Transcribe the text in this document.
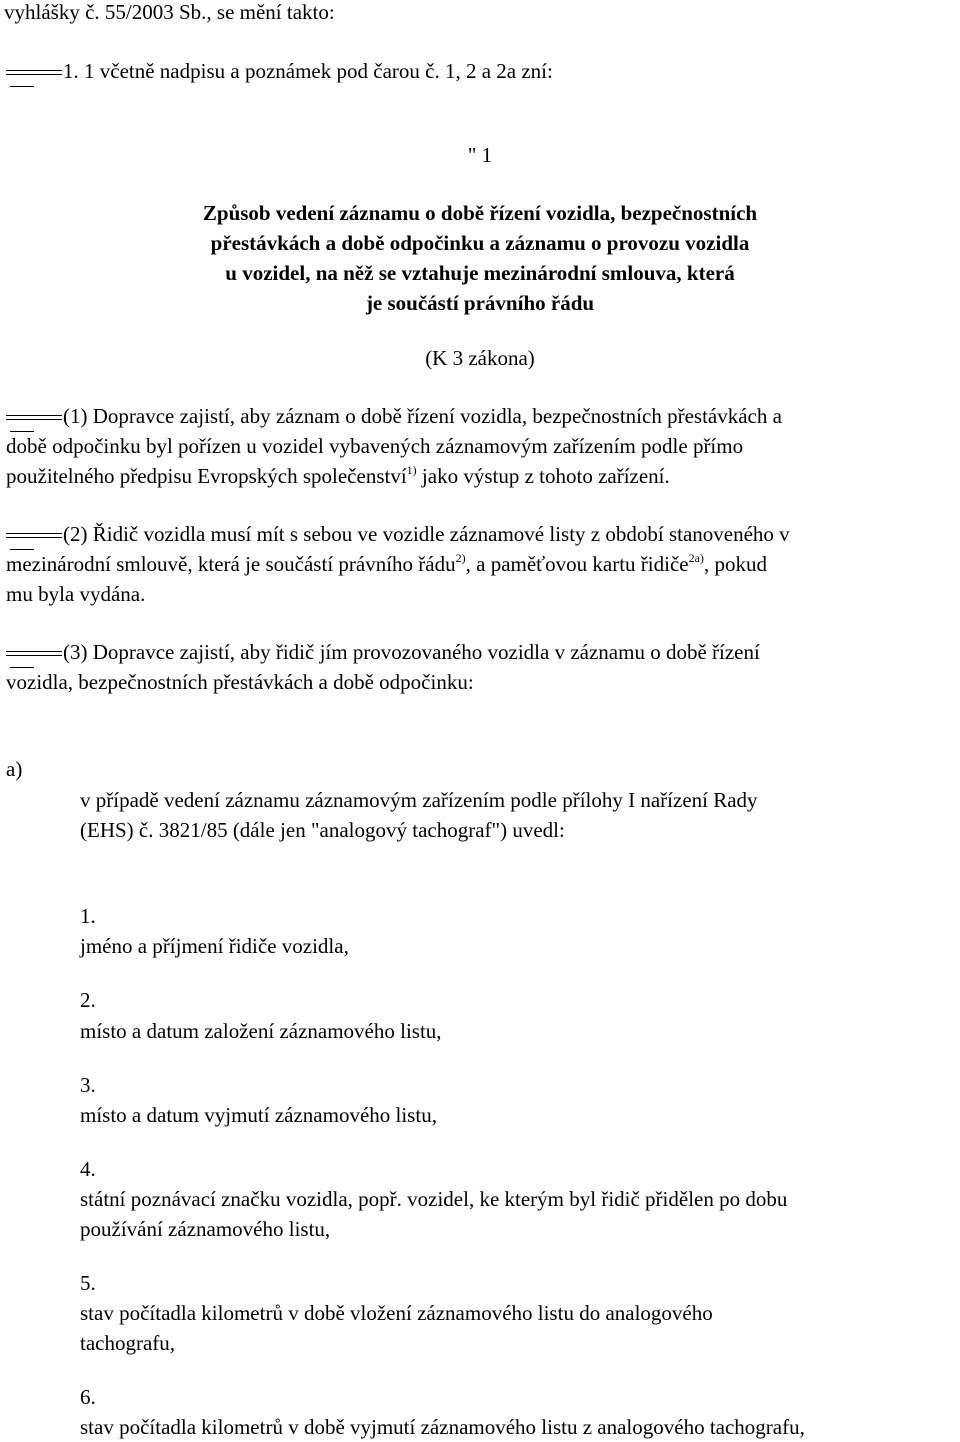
vyhlášky č. 55/2003 Sb., se mění takto:
1. 1 včetně nadpisu a poznámek pod čarou č. 1, 2 a 2a zní:
" 1
Způsob vedení záznamu o době řízení vozidla, bezpečnostních
přestávkách a době odpočinku a záznamu o provozu vozidla
u vozidel, na něž se vztahuje mezinárodní smlouva, která
je součástí právního řádu
(K 3 zákona)
(1) Dopravce zajistí, aby záznam o době řízení vozidla, bezpečnostních přestávkách a
době odpočinku byl pořízen u vozidel vybavených záznamovým zařízením podle přímo
použitelného předpisu Evropských společenství$^{1)}$ jako výstup z tohoto zařízení.
(2) Řidič vozidla musí mít s sebou ve vozidle záznamové listy z období stanoveného v
mezinárodní smlouvě, která je součástí právního řádu$^{2)}$, a paměťovou kartu řidiče$^{2a)}$, pokud
mu byla vydána.
(3) Dopravce zajistí, aby řidič jím provozovaného vozidla v záznamu o době řízení
vozidla, bezpečnostních přestávkách a době odpočinku:
a)
v případě vedení záznamu záznamovým zařízením podle přílohy I nařízení Rady
(EHS) č. 3821/85 (dále jen "analogový tachograf") uvedl:
1.
jméno a příjmení řidiče vozidla,
2.
místo a datum založení záznamového listu,
3.
místo a datum vyjmutí záznamového listu,
4.
státní poznávací značku vozidla, popř. vozidel, ke kterým byl řidič přidělen po dobu
používání záznamového listu,
5.
stav počítadla kilometrů v době vložení záznamového listu do analogového
tachografu,
6.
stav počítadla kilometrů v době vyjmutí záznamového listu z analogového tachografu,
